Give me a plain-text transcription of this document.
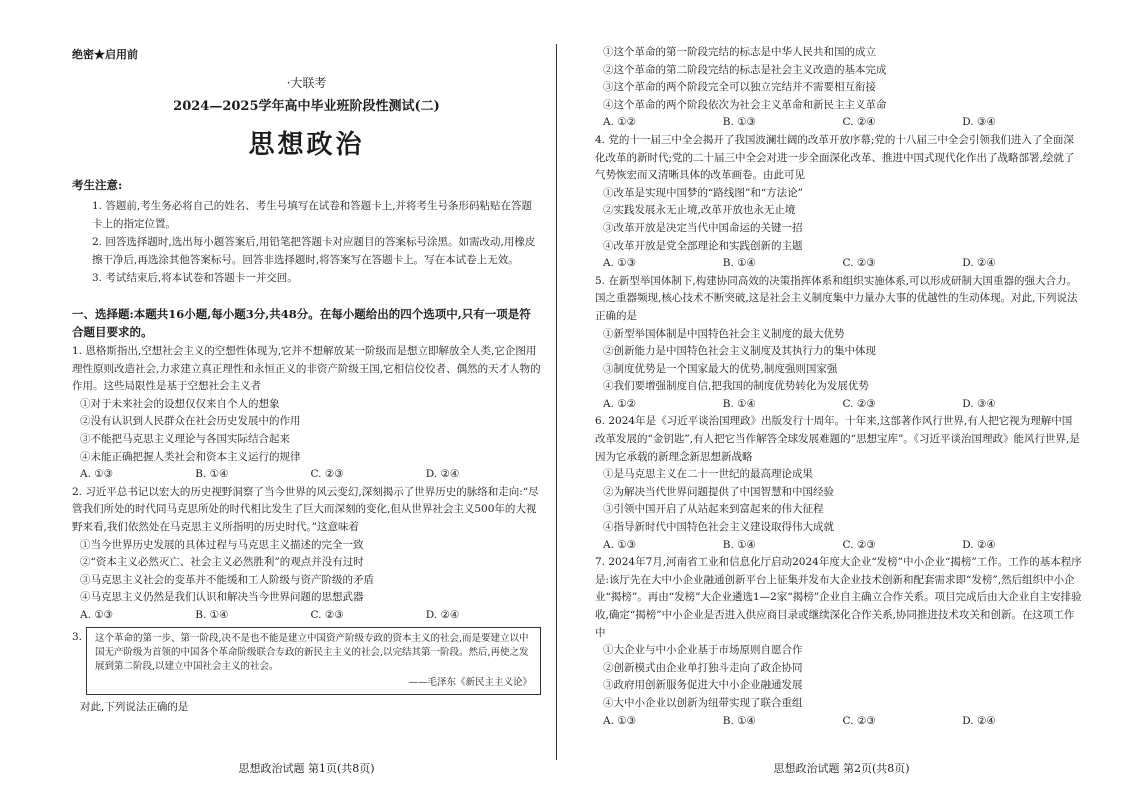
绝密★启用前

·大联考

2024—2025学年高中毕业班阶段性测试(二)

思想政治

考生注意:

1. 答题前,考生务必将自己的姓名、考生号填写在试卷和答题卡上,并将考生号条形码粘贴在答题卡上的指定位置。

2. 回答选择题时,选出每小题答案后,用铅笔把答题卡对应题目的答案标号涂黑。如需改动,用橡皮擦干净后,再选涂其他答案标号。回答非选择题时,将答案写在答题卡上。写在本试卷上无效。

3. 考试结束后,将本试卷和答题卡一并交回。

一、选择题:本题共16小题,每小题3分,共48分。在每小题给出的四个选项中,只有一项是符合题目要求的。

1. 恩格斯指出,空想社会主义的空想性体现为,它并不想解放某一阶级而是想立即解放全人类,它企图用理性原则改造社会,力求建立真正理性和永恒正义的非资产阶级王国,它相信佼佼者、偶然的天才人物的作用。这些局限性是基于空想社会主义者

①对于未来社会的设想仅仅来自个人的想象

②没有认识到人民群众在社会历史发展中的作用

③不能把马克思主义理论与各国实际结合起来

④未能正确把握人类社会和资本主义运行的规律

A. ①③	B. ①④	C. ②③	D. ②④

2. 习近平总书记以宏大的历史视野洞察了当今世界的风云变幻,深刻揭示了世界历史的脉络和走向:“尽管我们所处的时代同马克思所处的时代相比发生了巨大而深刻的变化,但从世界社会主义500年的大视野来看,我们依然处在马克思主义所指明的历史时代。”这意味着

①当今世界历史发展的具体过程与马克思主义描述的完全一致

②“资本主义必然灭亡、社会主义必然胜利”的观点并没有过时

③马克思主义社会的变革并不能缓和工人阶级与资产阶级的矛盾

④马克思主义仍然是我们认识和解决当今世界问题的思想武器

A. ①③	B. ①④	C. ②③	D. ②④
3.	这个革命的第一步、第一阶段,决不是也不能是建立中国资产阶级专政的资本主义的社会,而是要建立以中国无产阶级为首领的中国各个革命阶级联合专政的新民主主义的社会,以完结其第一阶段。然后,再使之发展到第二阶段,以建立中国社会主义的社会。

——毛泽东《新民主主义论》

对此,下列说法正确的是

思想政治试题 第1页(共8页)

①这个革命的第一阶段完结的标志是中华人民共和国的成立

②这个革命的第二阶段完结的标志是社会主义改造的基本完成

③这个革命的两个阶段完全可以独立完结并不需要相互衔接

④这个革命的两个阶段依次为社会主义革命和新民主主义革命

A. ①②	B. ①③	C. ②④	D. ③④

4. 党的十一届三中全会揭开了我国波澜壮阔的改革开放序幕;党的十八届三中全会引领我们进入了全面深化改革的新时代;党的二十届三中全会对进一步全面深化改革、推进中国式现代化作出了战略部署,绘就了气势恢宏而又清晰具体的改革画卷。由此可见

①改革是实现中国梦的“路线图”和“方法论”

②实践发展永无止境,改革开放也永无止境

③改革开放是决定当代中国命运的关键一招

④改革开放是党全部理论和实践创新的主题

A. ①③	B. ①④	C. ②③	D. ②④

5. 在新型举国体制下,构建协同高效的决策指挥体系和组织实施体系,可以形成研制大国重器的强大合力。国之重器频现,核心技术不断突破,这是社会主义制度集中力量办大事的优越性的生动体现。对此,下列说法正确的是

①新型举国体制是中国特色社会主义制度的最大优势

②创新能力是中国特色社会主义制度及其执行力的集中体现

③制度优势是一个国家最大的优势,制度强则国家强

④我们要增强制度自信,把我国的制度优势转化为发展优势

A. ①②	B. ①④	C. ②③	D. ③④

6. 2024年是《习近平谈治国理政》出版发行十周年。十年来,这部著作风行世界,有人把它视为理解中国改革发展的“金钥匙”,有人把它当作解答全球发展难题的“思想宝库”。《习近平谈治国理政》能风行世界,是因为它承载的新理念新思想新战略

①是马克思主义在二十一世纪的最高理论成果

②为解决当代世界问题提供了中国智慧和中国经验

③引领中国开启了从站起来到富起来的伟大征程

④指导新时代中国特色社会主义建设取得伟大成就

A. ①③	B. ①④	C. ②③	D. ②④

7. 2024年7月,河南省工业和信息化厅启动2024年度大企业“发榜”中小企业“揭榜”工作。工作的基本程序是:该厅先在大中小企业融通创新平台上征集并发布大企业技术创新和配套需求即“发榜”,然后组织中小企业“揭榜”。再由“发榜”大企业遴选1—2家“揭榜”企业自主确立合作关系。项目完成后由大企业自主安排验收,确定“揭榜”中小企业是否进入供应商目录或继续深化合作关系,协同推进技术攻关和创新。在这项工作中

①大企业与中小企业基于市场原则自愿合作

②创新模式由企业单打独斗走向了政企协同

③政府用创新服务促进大中小企业融通发展

④大中小企业以创新为纽带实现了联合重组

A. ①③	B. ①④	C. ②③	D. ②④
思想政治试题 第2页(共8页)
